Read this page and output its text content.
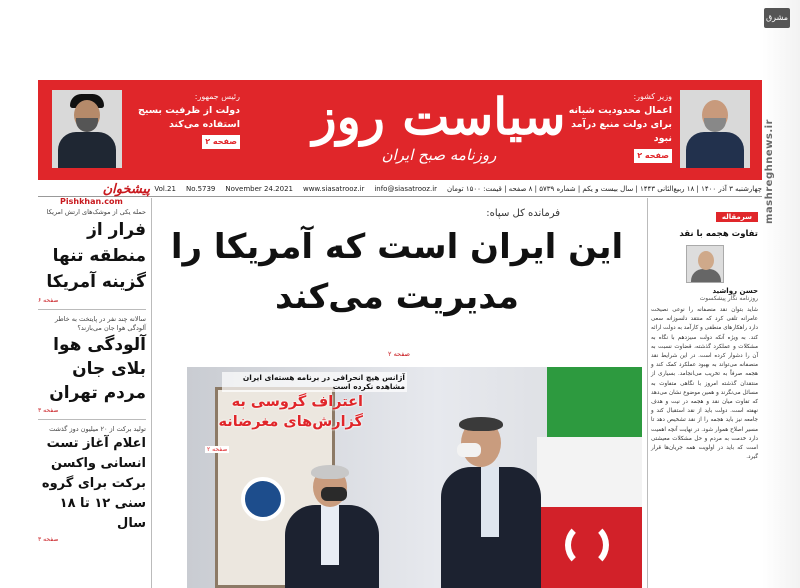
مشرق
mashreghnews.ir
رئیس جمهور:
دولت از ظرفیت بسیج استفاده می‌کند
صفحه ۲	سیاست روز
روزنامه صبح ایران
وزیر کشور:
اعمال محدودیت شبانه برای دولت منبع درآمد نبود
صفحه ۲
چهارشنبه ۳ آذر ۱۴۰۰ | ۱۸ ربیع‌الثانی ۱۴۴۳ | سال بیست و یکم | شماره ۵۷۳۹ | ۸ صفحه | قیمت: ۱۵۰۰ تومان
info@siasatrooz.ir
www.siasatrooz.ir
November 24.2021
No.5739
Vol.21
پیشخوان
Pishkhan.com
حمله یکی از موشک‌های ارتش امریکا
فرار از منطقه تنها گزینه آمریکا
صفحه ۶
سالانه چند نفر در پایتخت به خاطر آلودگی هوا جان می‌بازند؟
آلودگی هوا بلای جان مردم تهران
صفحه ۳
تولید برکت از ۲۰ میلیون دوز گذشت
اعلام آغاز تست انسانی واکسن برکت برای گروه سنی ۱۲ تا ۱۸ سال
صفحه ۳
فرمانده کل سپاه:
این ایران است که آمریکا را
مدیریت می‌کند
صفحه ۲
آژانس هیچ انحرافی در برنامه هسته‌ای ایران مشاهده نکرده است
اعتراف گروسی به
گزارش‌های مغرضانه
صفحه ۲
سرمقاله
تفاوت هجمه با نقد
حسن رواشید
روزنامه نگار پیشکسوت
شاید بتوان نقد منصفانه را نوعی نصیحت عامرانه تلقی کرد که منتقد دلسوزانه سعی دارد راهکارهای منطقی و کارآمد به دولت ارائه کند. به ویژه آنکه دولت سیزدهم با نگاه به مشکلات و عملکرد گذشته، قضاوت نسبت به آن را دشوار کرده است. در این شرایط نقد منصفانه می‌تواند به بهبود عملکرد کمک کند و هجمه صرفاً به تخریب می‌انجامد. بسیاری از منتقدان گذشته امروز با نگاهی متفاوت به مسائل می‌نگرند و همین موضوع نشان می‌دهد که تفاوت میان نقد و هجمه در نیت و هدف نهفته است. دولت باید از نقد استقبال کند و جامعه نیز باید هجمه را از نقد تشخیص دهد تا مسیر اصلاح هموار شود. در نهایت آنچه اهمیت دارد خدمت به مردم و حل مشکلات معیشتی است که باید در اولویت همه جریان‌ها قرار گیرد.
